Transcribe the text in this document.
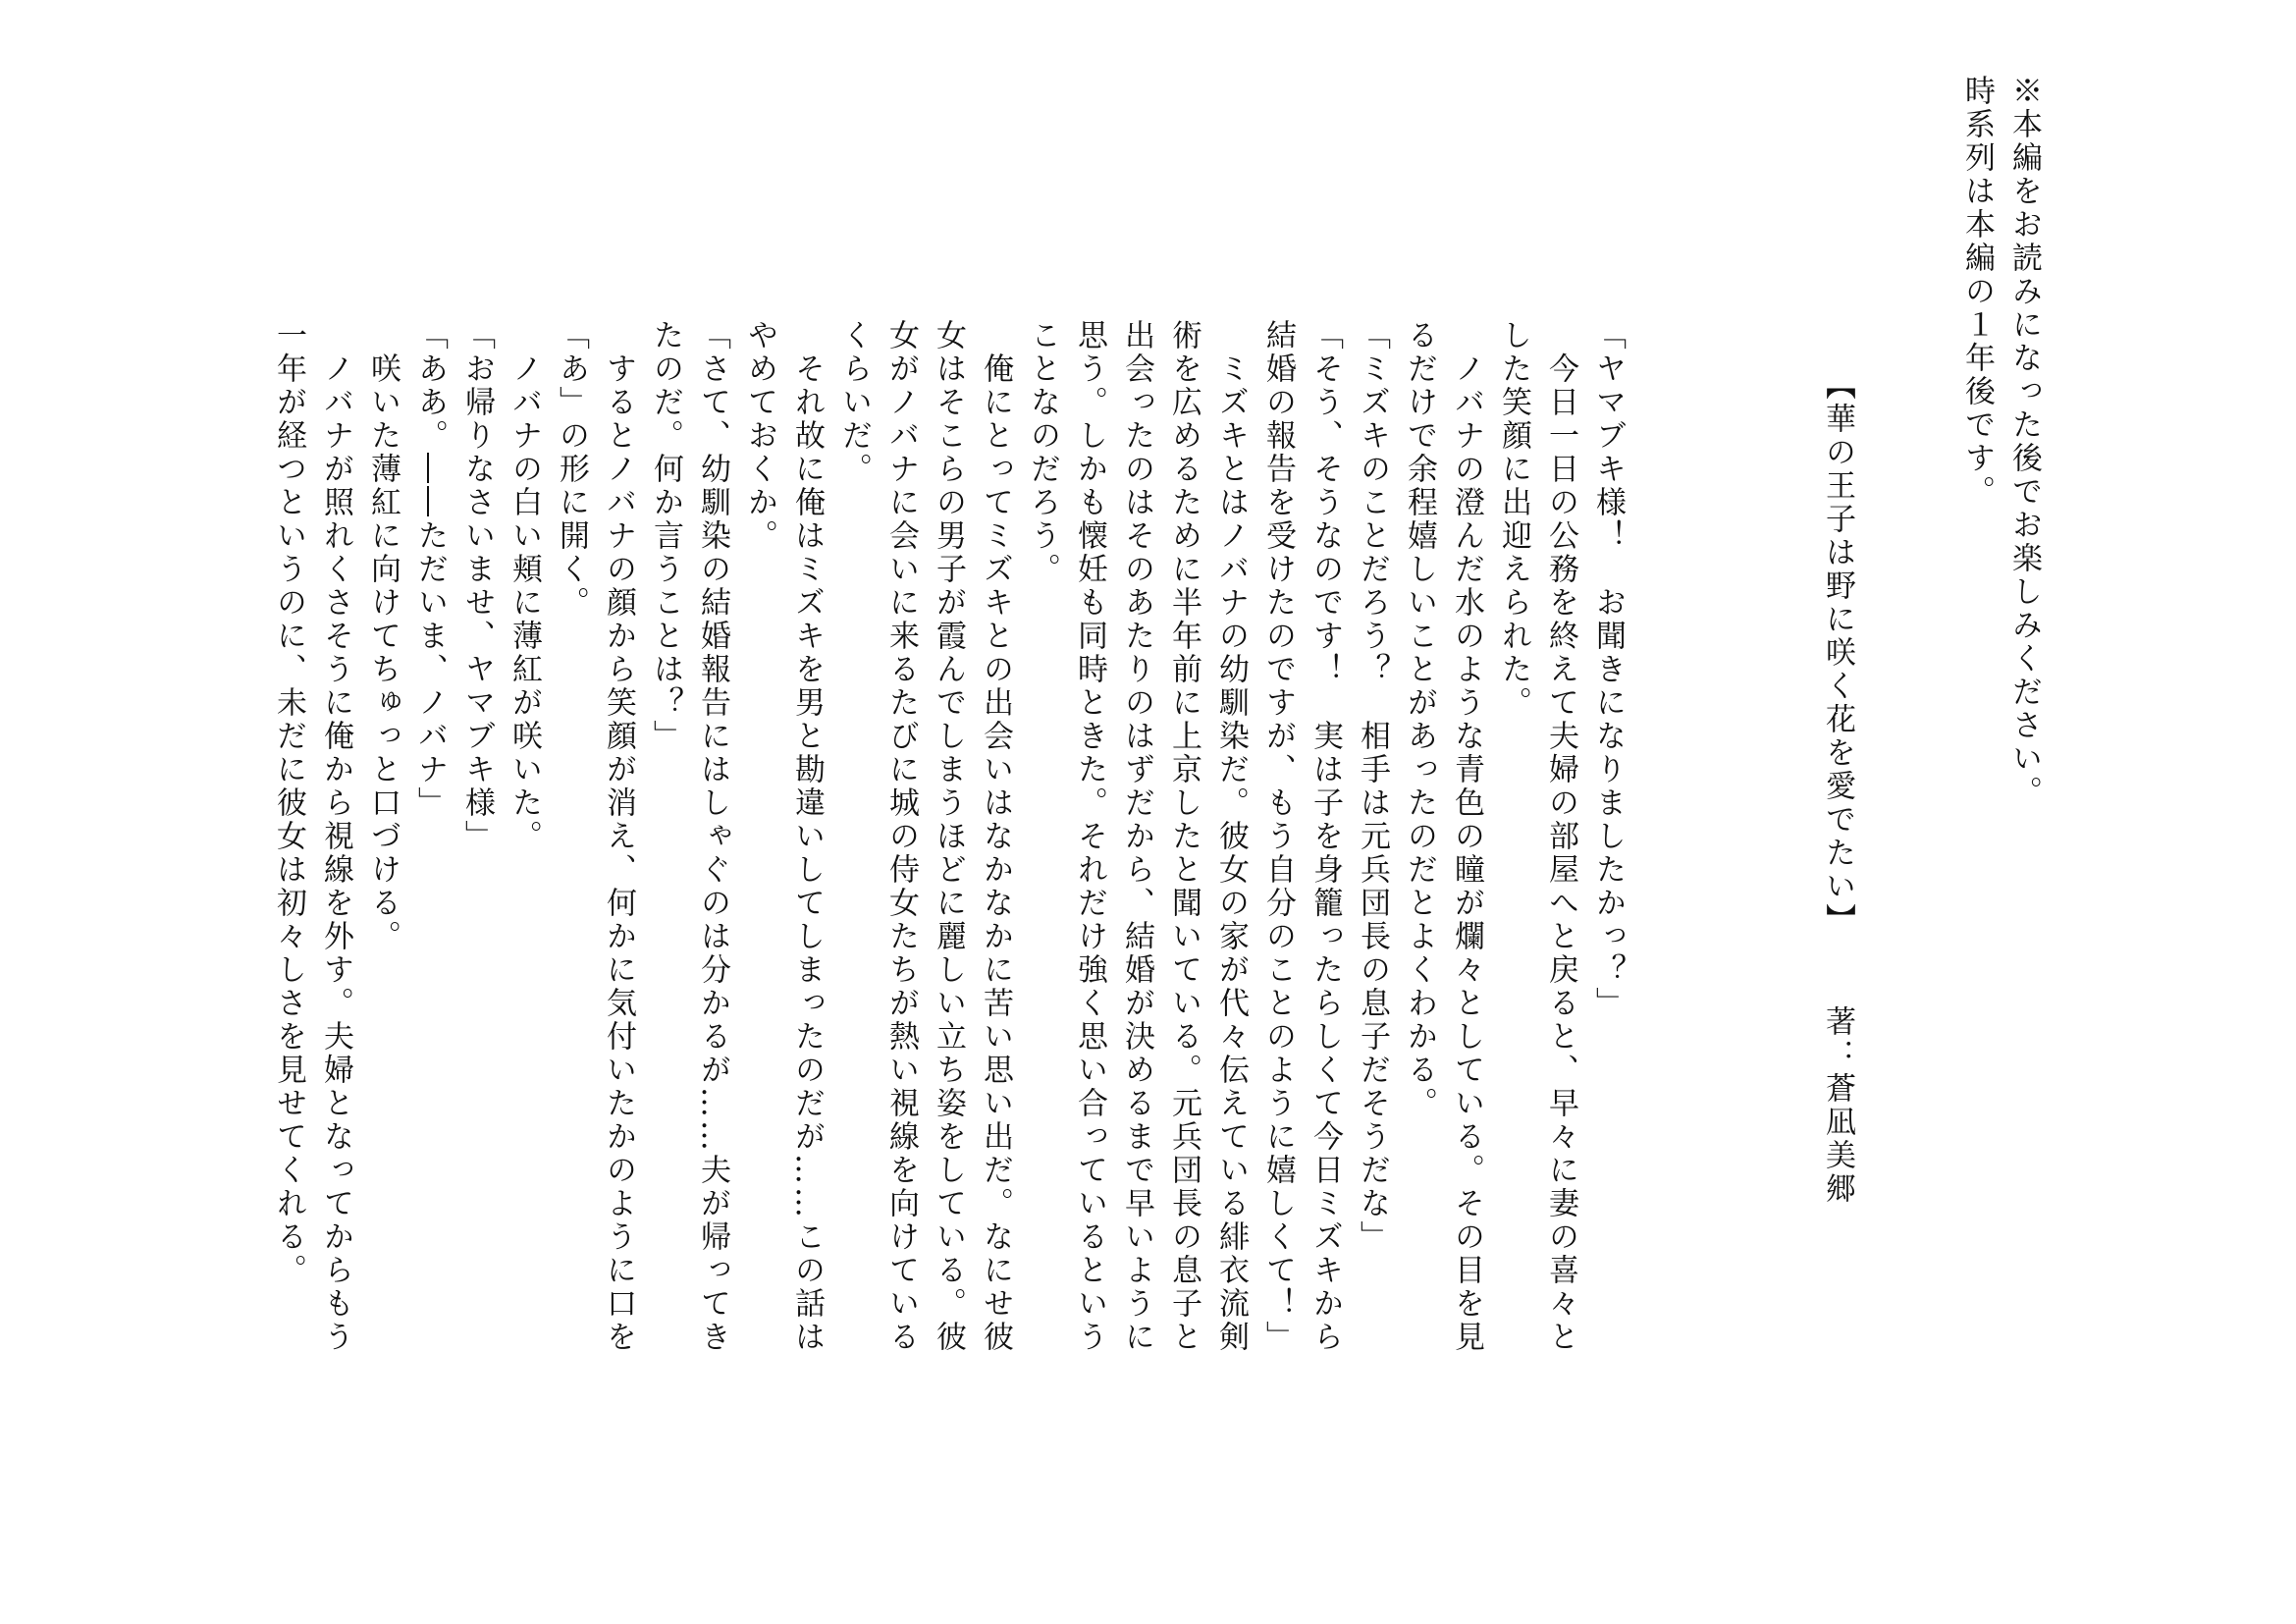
※本編をお読みになった後でお楽しみください。
時系列は本編の１年後です。

【華の王子は野に咲く花を愛でたい】著：蒼凪美郷

「ヤマブキ様！　お聞きになりましたかっ？」
　今日一日の公務を終えて夫婦の部屋へと戻ると、早々に妻の喜々と
した笑顔に出迎えられた。
　ノバナの澄んだ水のような青色の瞳が爛々としている。その目を見
るだけで余程嬉しいことがあったのだとよくわかる。
「ミズキのことだろう？　相手は元兵団長の息子だそうだな」
「そう、そうなのです！　実は子を身籠ったらしくて今日ミズキから
結婚の報告を受けたのですが、もう自分のことのように嬉しくて！」
　ミズキとはノバナの幼馴染だ。彼女の家が代々伝えている緋衣流剣
術を広めるために半年前に上京したと聞いている。元兵団長の息子と
出会ったのはそのあたりのはずだから、結婚が決めるまで早いように
思う。しかも懐妊も同時ときた。それだけ強く思い合っているという
ことなのだろう。
　俺にとってミズキとの出会いはなかなかに苦い思い出だ。なにせ彼
女はそこらの男子が霞んでしまうほどに麗しい立ち姿をしている。彼
女がノバナに会いに来るたびに城の侍女たちが熱い視線を向けている
くらいだ。
　それ故に俺はミズキを男と勘違いしてしまったのだが……この話は
やめておくか。
「さて、幼馴染の結婚報告にはしゃぐのは分かるが……夫が帰ってき
たのだ。何か言うことは？」
　するとノバナの顔から笑顔が消え、何かに気付いたかのように口を
「あ」の形に開く。
　ノバナの白い頬に薄紅が咲いた。
「お帰りなさいませ、ヤマブキ様」
「ああ。――ただいま、ノバナ」
　咲いた薄紅に向けてちゅっと口づける。
　ノバナが照れくさそうに俺から視線を外す。夫婦となってからもう
一年が経つというのに、未だに彼女は初々しさを見せてくれる。
